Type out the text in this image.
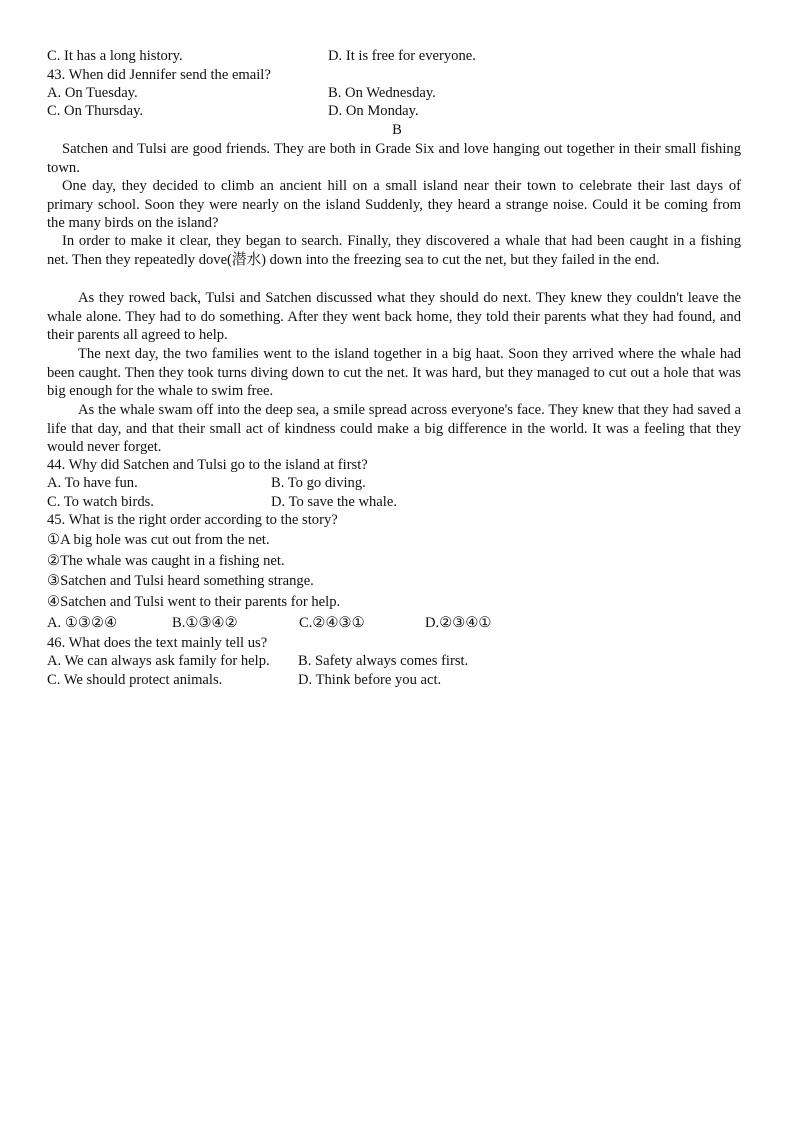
C. It has a long history.	D. It is free for everyone.
43. When did Jennifer send the email?
A. On Tuesday.	B. On Wednesday.
C. On Thursday.	D. On Monday.
B
Satchen and Tulsi are good friends. They are both in Grade Six and love hanging out together in their small fishing town.
One day, they decided to climb an ancient hill on a small island near their town to celebrate their last days of primary school. Soon they were nearly on the island Suddenly, they heard a strange noise. Could it be coming from the many birds on the island?
In order to make it clear, they began to search. Finally, they discovered a whale that had been caught in a fishing net. Then they repeatedly dove(潜水) down into the freezing sea to cut the net, but they failed in the end.
As they rowed back, Tulsi and Satchen discussed what they should do next. They knew they couldn't leave the whale alone. They had to do something. After they went back home, they told their parents what they had found, and their parents all agreed to help.
The next day, the two families went to the island together in a big haat. Soon they arrived where the whale had been caught. Then they took turns diving down to cut the net. It was hard, but they managed to cut out a hole that was big enough for the whale to swim free.
As the whale swam off into the deep sea, a smile spread across everyone's face. They knew that they had saved a life that day, and that their small act of kindness could make a big difference in the world. It was a feeling that they would never forget.
44. Why did Satchen and Tulsi go to the island at first?
A. To have fun.	B. To go diving.
C. To watch birds.	D. To save the whale.
45. What is the right order according to the story?
①A big hole was cut out from the net.
②The whale was caught in a fishing net.
③Satchen and Tulsi heard something strange.
④Satchen and Tulsi went to their parents for help.
A. ①③②④	B.①③④②	C.②④③①	D.②③④①
46. What does the text mainly tell us?
A. We can always ask family for help. B. Safety always comes first.
C. We should protect animals.	D. Think before you act.
